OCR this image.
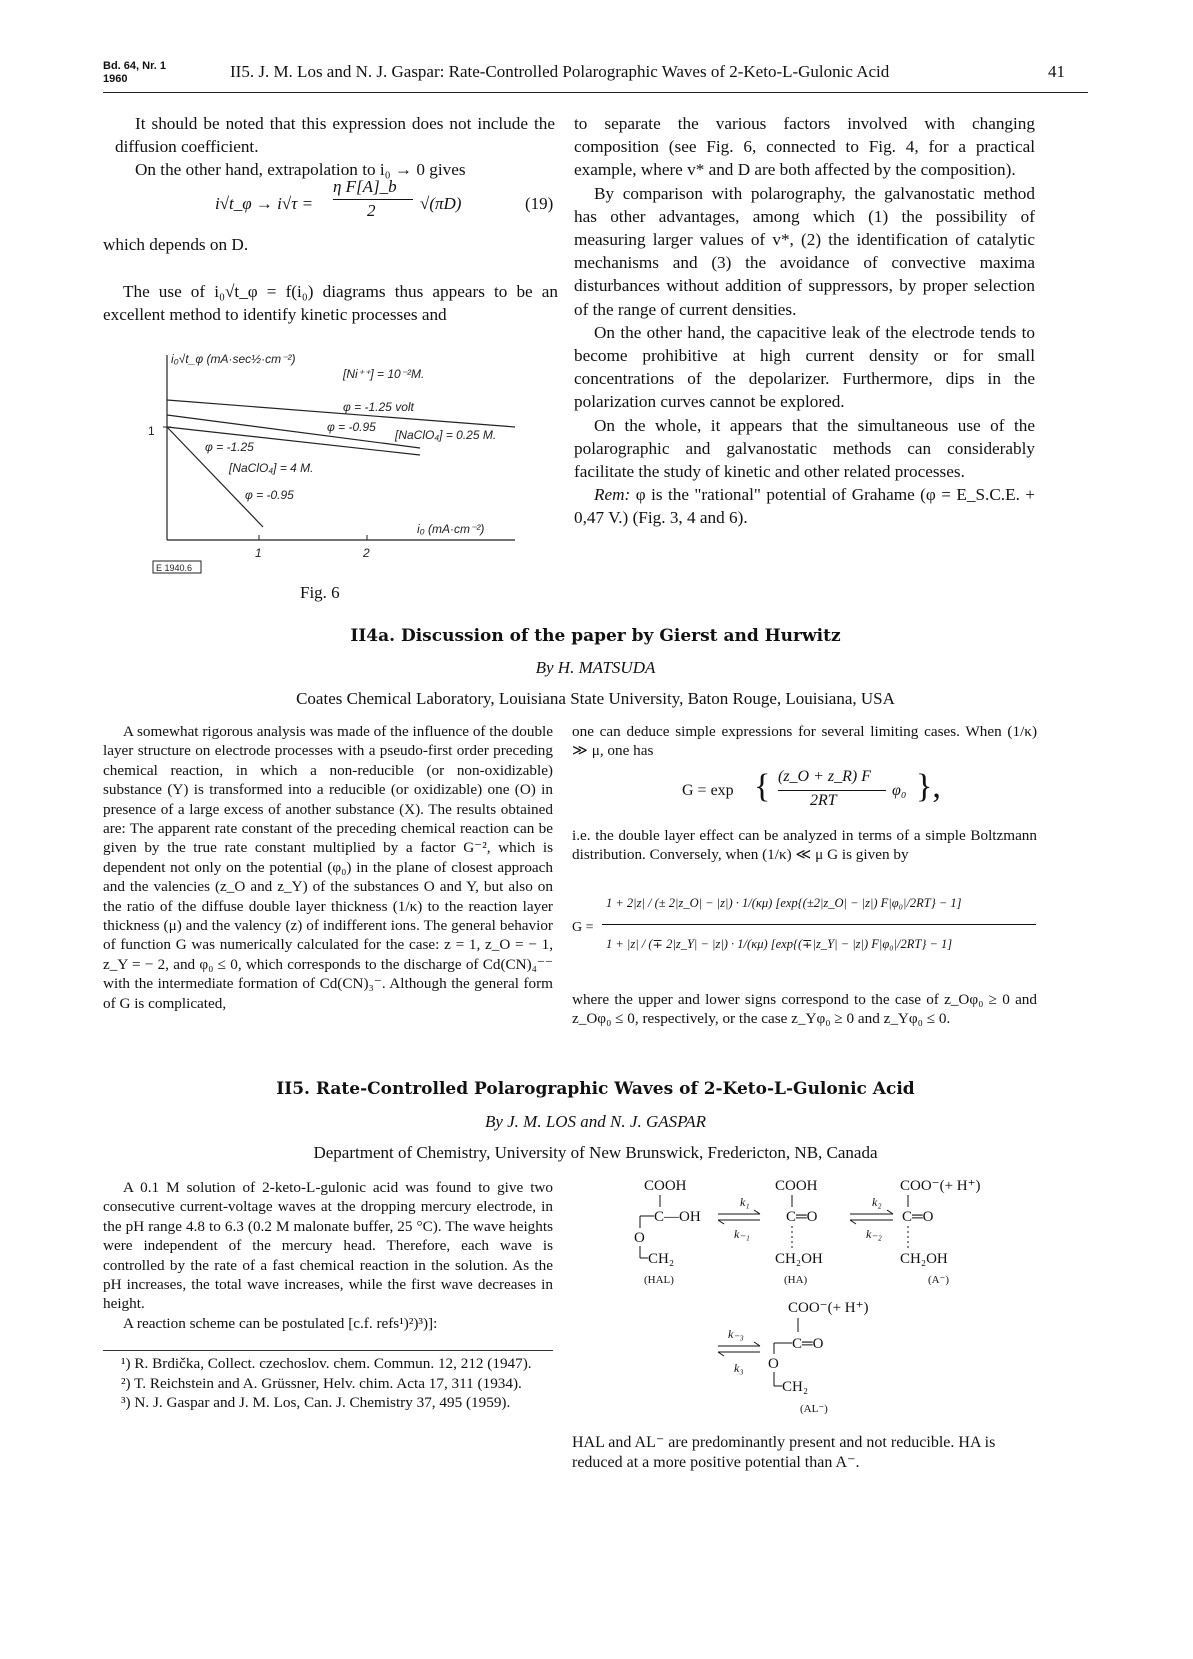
Bd. 64, Nr. 1
1960	II5. J. M. Los and N. J. Gaspar: Rate-Controlled Polarographic Waves of 2-Keto-L-Gulonic Acid	41

It should be noted that this expression does not include the diffusion coefficient.

On the other hand, extrapolation to i₀ → 0 gives

i√t_φ → i√τ =
η F[A]_b
2	√(πD)	(19)

which depends on D.

The use of i₀√t_φ = f(i₀) diagrams thus appears to be an excellent method to identify kinetic processes and

i₀√t_φ (mA·sec½·cm⁻²)
1
1	2
i₀ (mA·cm⁻²)
[Ni⁺⁺] = 10⁻²M.
φ = -1.25 volt
φ = -0.95
[NaClO₄] = 0.25 M.
φ = -1.25
[NaClO₄] = 4 M.
φ = -0.95
E 1940.6
Fig. 6

to separate the various factors involved with changing composition (see Fig. 6, connected to Fig. 4, for a practical example, where v* and D are both affected by the composition).

By comparison with polarography, the galvanostatic method has other advantages, among which (1) the possibility of measuring larger values of v*, (2) the identification of catalytic mechanisms and (3) the avoidance of convective maxima disturbances without addition of suppressors, by proper selection of the range of current densities.

On the other hand, the capacitive leak of the electrode tends to become prohibitive at high current density or for small concentrations of the depolarizer. Furthermore, dips in the polarization curves cannot be explored.

On the whole, it appears that the simultaneous use of the polarographic and galvanostatic methods can considerably facilitate the study of kinetic and other related processes.

Rem: φ is the "rational" potential of Grahame (φ = E_S.C.E. + 0,47 V.) (Fig. 3, 4 and 6).

II4a. Discussion of the paper by Gierst and Hurwitz
By H. MATSUDA
Coates Chemical Laboratory, Louisiana State University, Baton Rouge, Louisiana, USA

A somewhat rigorous analysis was made of the influence of the double layer structure on electrode processes with a pseudo-first order preceding chemical reaction, in which a non-reducible (or non-oxidizable) substance (Y) is transformed into a reducible (or oxidizable) one (O) in presence of a large excess of another substance (X). The results obtained are: The apparent rate constant of the preceding chemical reaction can be given by the true rate constant multiplied by a factor G⁻², which is dependent not only on the potential (φ₀) in the plane of closest approach and the valencies (z_O and z_Y) of the substances O and Y, but also on the ratio of the diffuse double layer thickness (1/κ) to the reaction layer thickness (μ) and the valency (z) of indifferent ions. The general behavior of function G was numerically calculated for the case: z = 1, z_O = − 1, z_Y = − 2, and φ₀ ≤ 0, which corresponds to the discharge of Cd(CN)₄⁻⁻ with the intermediate formation of Cd(CN)₃⁻. Although the general form of G is complicated,

one can deduce simple expressions for several limiting cases. When (1/κ) ≫ μ, one has

G = exp { (z_O + z_R) F
2RT
φ₀ },

i.e. the double layer effect can be analyzed in terms of a simple Boltzmann distribution. Conversely, when (1/κ) ≪ μ G is given by

G =
1 + 2|z| / (± 2|z_O| − |z|) · 1/(κμ) [exp{(±2|z_O| − |z|) F|φ₀|/2RT} − 1]
1 + |z| / (∓ 2|z_Y| − |z|) · 1/(κμ) [exp{(∓|z_Y| − |z|) F|φ₀|/2RT} − 1]

where the upper and lower signs correspond to the case of z_Oφ₀ ≥ 0 and z_Oφ₀ ≤ 0, respectively, or the case z_Yφ₀ ≥ 0 and z_Yφ₀ ≤ 0.

II5. Rate-Controlled Polarographic Waves of 2-Keto-L-Gulonic Acid
By J. M. LOS and N. J. GASPAR
Department of Chemistry, University of New Brunswick, Fredericton, NB, Canada

A 0.1 M solution of 2-keto-L-gulonic acid was found to give two consecutive current-voltage waves at the dropping mercury electrode, in the pH range 4.8 to 6.3 (0.2 M malonate buffer, 25 °C). The wave heights were independent of the mercury head. Therefore, each wave is controlled by the rate of a fast chemical reaction in the solution. As the pH increases, the total wave increases, while the first wave decreases in height.

A reaction scheme can be postulated [c.f. refs¹)²)³)]:

¹) R. Brdička, Collect. czechoslov. chem. Commun. 12, 212 (1947).
²) T. Reichstein and A. Grüssner, Helv. chim. Acta 17, 311 (1934).
³) N. J. Gaspar and J. M. Los, Can. J. Chemistry 37, 495 (1959).
COOH
C—OH
O
CH₂
(HAL)
k₁
k₋₁
COOH
C═O
CH₂OH
(HA)
k₂
k₋₂
COO⁻(+ H⁺)
C═O
CH₂OH
(A⁻)
k₋₃
k₃
COO⁻(+ H⁺)
C═O
O
CH₂
(AL⁻)
HAL and AL⁻ are predominantly present and not reducible. HA is reduced at a more positive potential than A⁻.
